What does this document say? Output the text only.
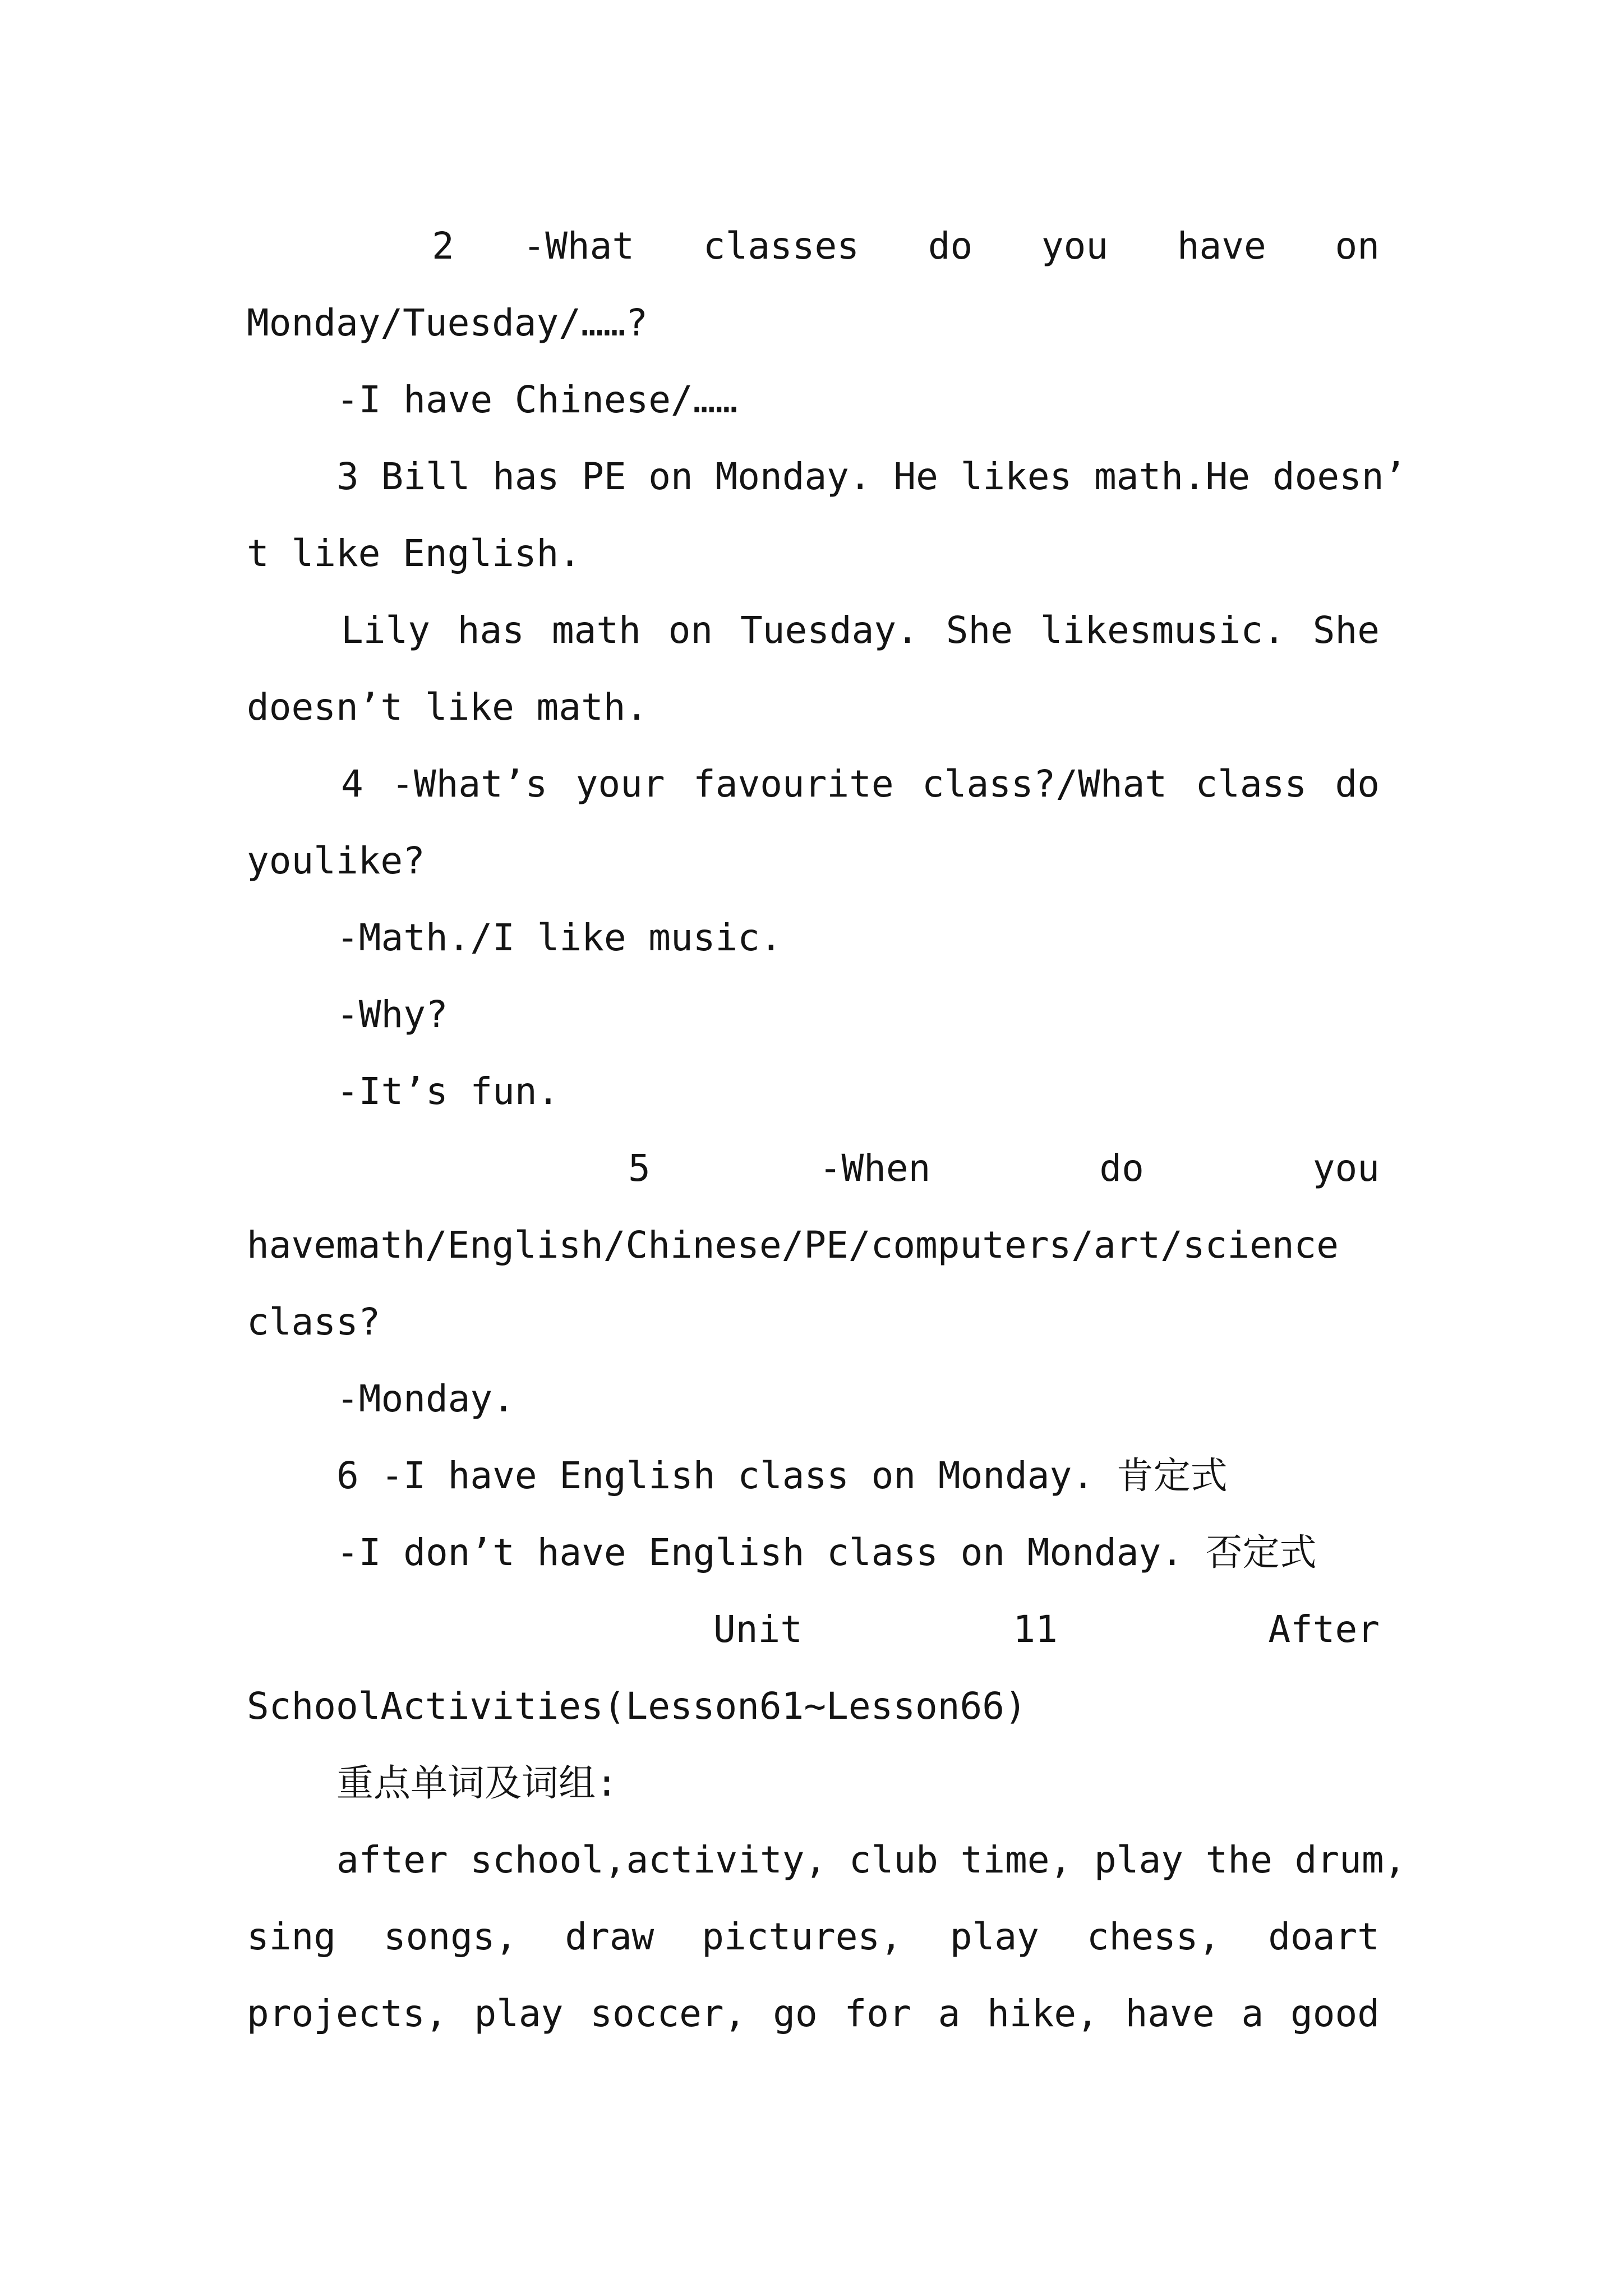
2 -What classes do you have on
Monday/Tuesday/……?
-I have Chinese/……
3 Bill has PE on Monday. He likes math.He doesn’
t like English.
Lily has math on Tuesday. She likesmusic. She
doesn’t like math.
4 -What’s your favourite class?/What class do
youlike?
-Math./I like music.
-Why?
-It’s fun.
5	-When	do	you
havemath/English/Chinese/PE/computers/art/science
class?
-Monday.
6 -I have English class on Monday. 肯定式
-I don’t have English class on Monday. 否定式
Unit	11	After
SchoolActivities(Lesson61~Lesson66)
重点单词及词组:
after school,activity, club time, play the drum,
sing songs, draw pictures, play chess, doart
projects, play soccer, go for a hike, have a good
